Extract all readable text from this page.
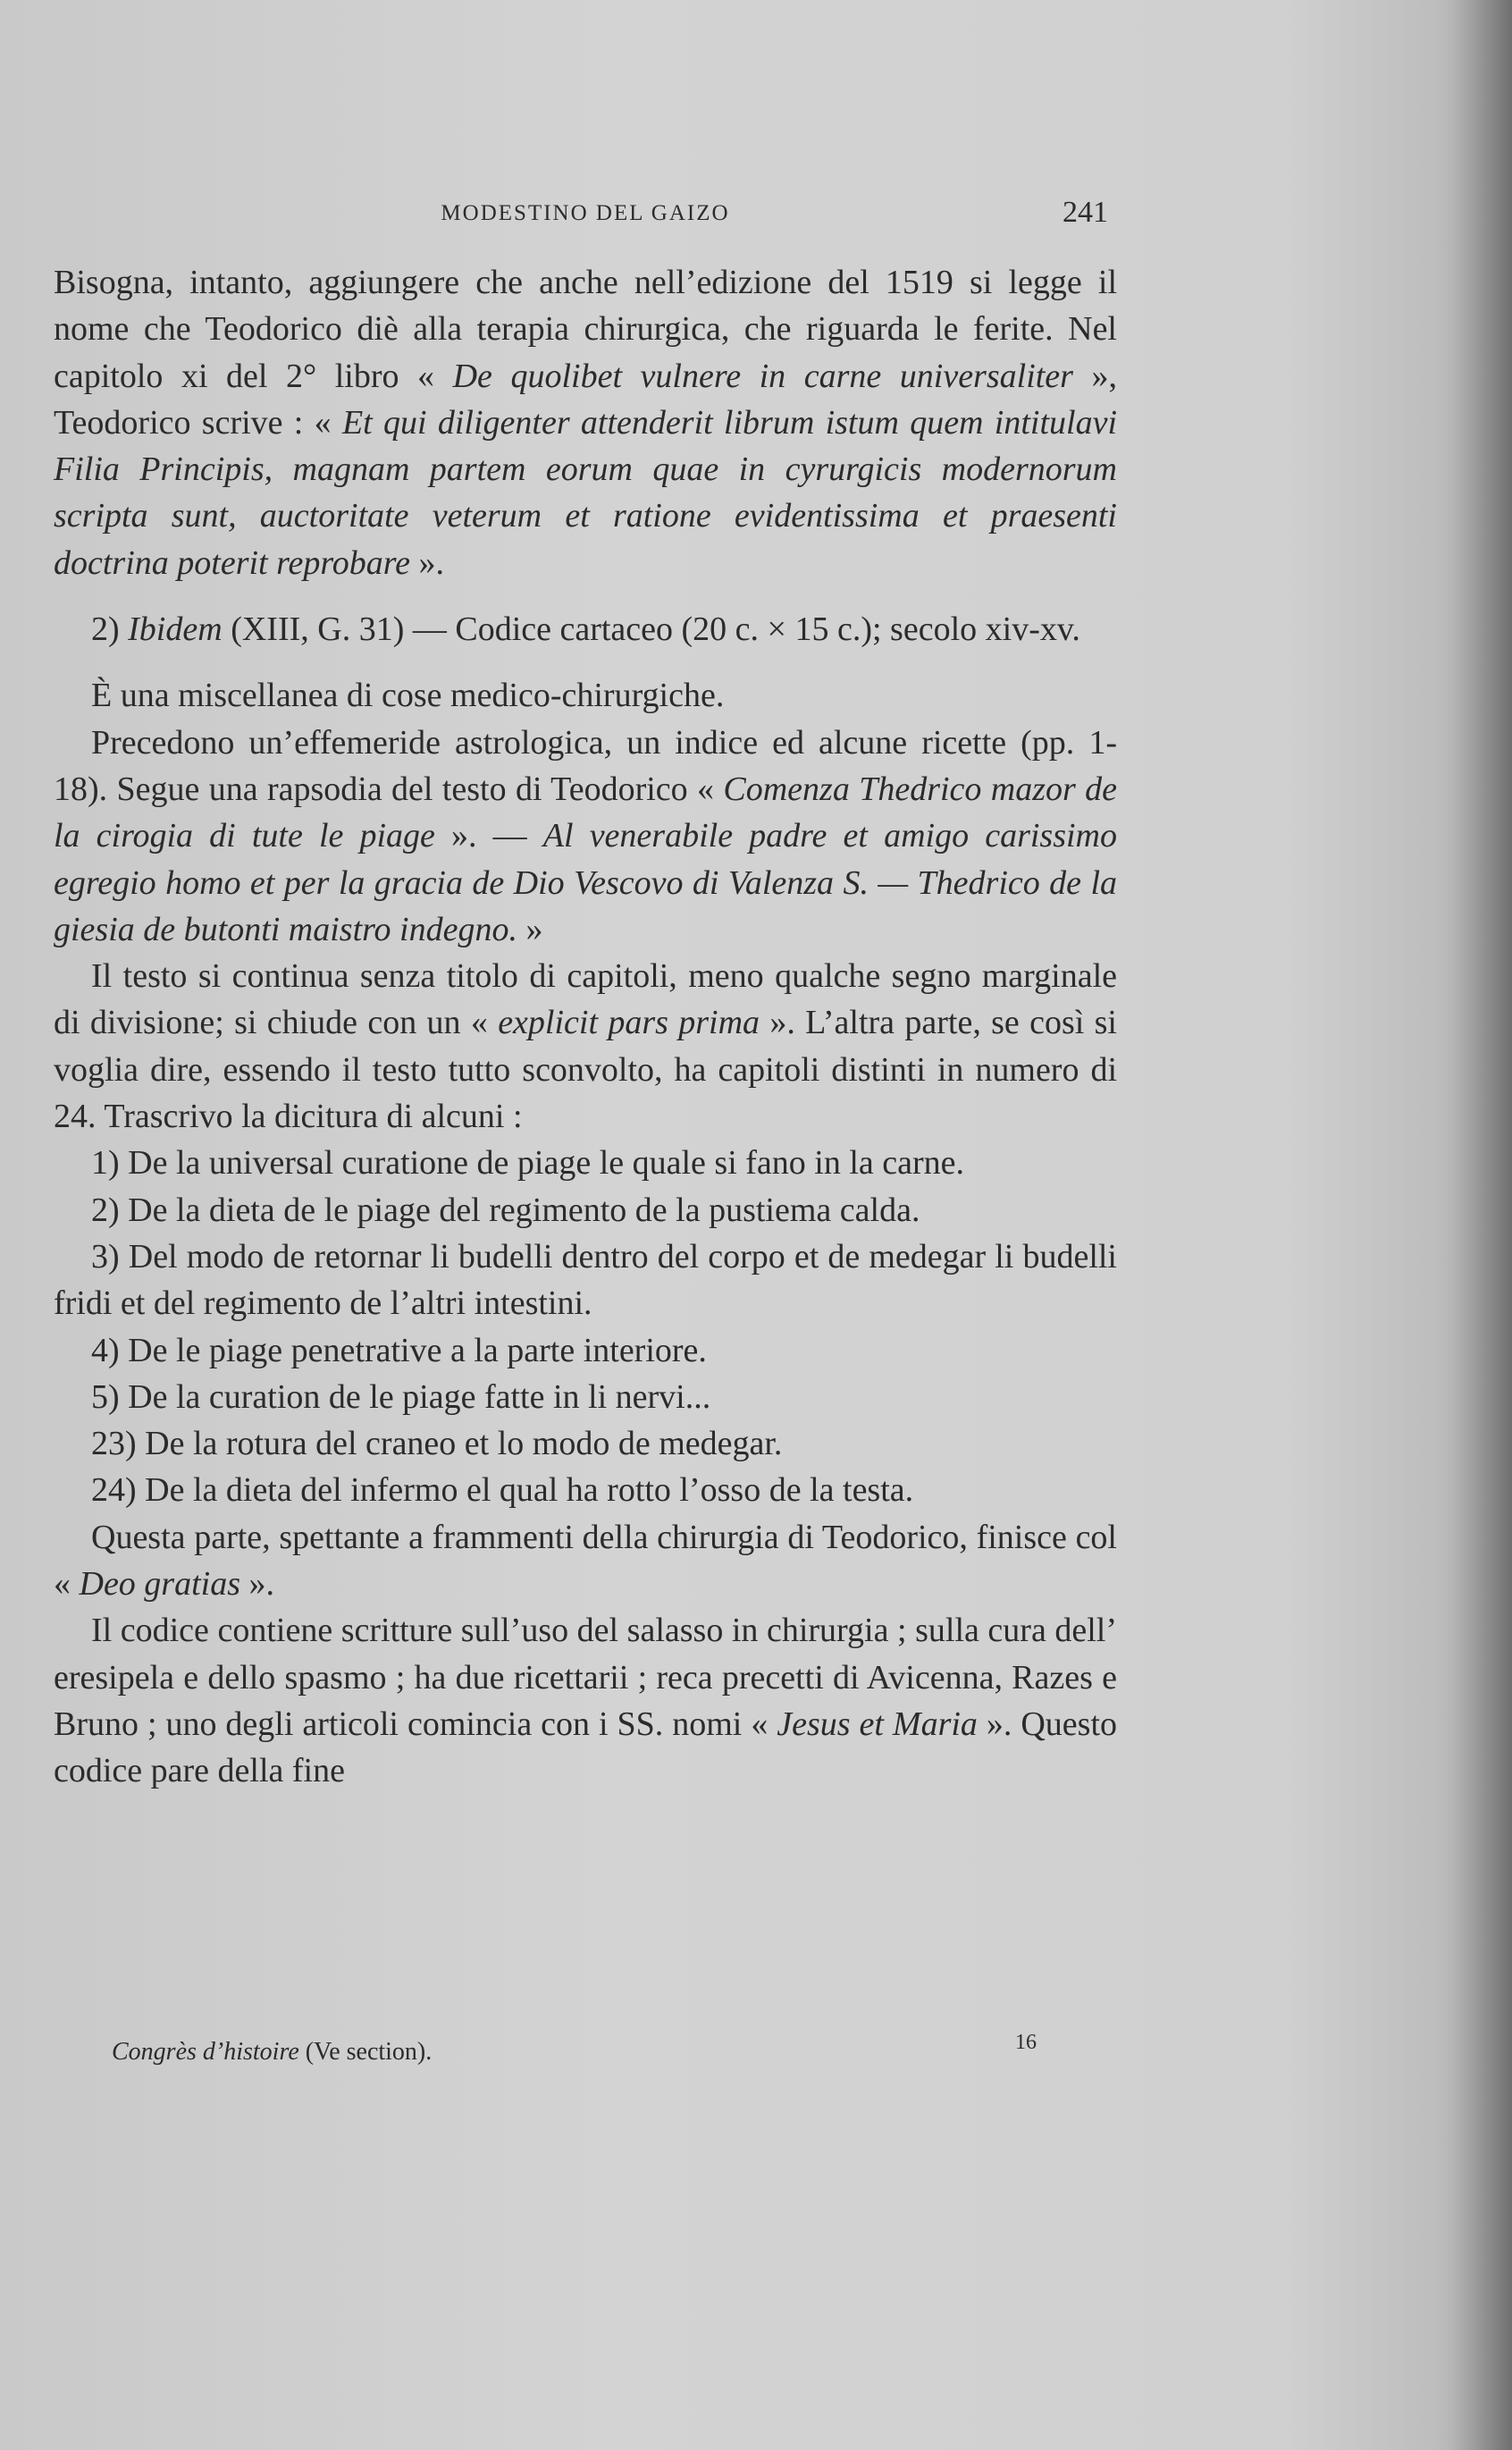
MODESTINO DEL GAIZO	241

Bisogna, intanto, aggiungere che anche nell’edizione del 1519 si legge il nome che Teodorico diè alla terapia chirurgica, che riguarda le ferite. Nel capitolo xi del 2° libro « De quolibet vulnere in carne universaliter », Teodorico scrive : « Et qui diligenter attenderit librum istum quem intitulavi Filia Principis, magnam partem eorum quae in cyrurgicis modernorum scripta sunt, auctoritate veterum et ratione evidentissima et praesenti doctrina poterit reprobare ».

2) Ibidem (XIII, G. 31) — Codice cartaceo (20 c. × 15 c.); secolo xiv-xv.

È una miscellanea di cose medico-chirurgiche.

Precedono un’effemeride astrologica, un indice ed alcune ricette (pp. 1-18). Segue una rapsodia del testo di Teodorico « Comenza Thedrico mazor de la cirogia di tute le piage ». — Al venerabile padre et amigo carissimo egregio homo et per la gracia de Dio Vescovo di Valenza S. — Thedrico de la giesia de butonti maistro indegno. »

Il testo si continua senza titolo di capitoli, meno qualche segno marginale di divisione; si chiude con un « explicit pars prima ». L’altra parte, se così si voglia dire, essendo il testo tutto sconvolto, ha capitoli distinti in numero di 24. Trascrivo la dicitura di alcuni :

1) De la universal curatione de piage le quale si fano in la carne.

2) De la dieta de le piage del regimento de la pustiema calda.

3) Del modo de retornar li budelli dentro del corpo et de medegar li budelli fridi et del regimento de l’altri intestini.

4) De le piage penetrative a la parte interiore.

5) De la curation de le piage fatte in li nervi...

23) De la rotura del craneo et lo modo de medegar.

24) De la dieta del infermo el qual ha rotto l’osso de la testa.

Questa parte, spettante a frammenti della chirurgia di Teodorico, finisce col « Deo gratias ».

Il codice contiene scritture sull’uso del salasso in chirurgia ; sulla cura dell’ eresipela e dello spasmo ; ha due ricettarii ; reca precetti di Avicenna, Razes e Bruno ; uno degli articoli comincia con i SS. nomi « Jesus et Maria ». Questo codice pare della fine

Congrès d’histoire (Ve section).	16
